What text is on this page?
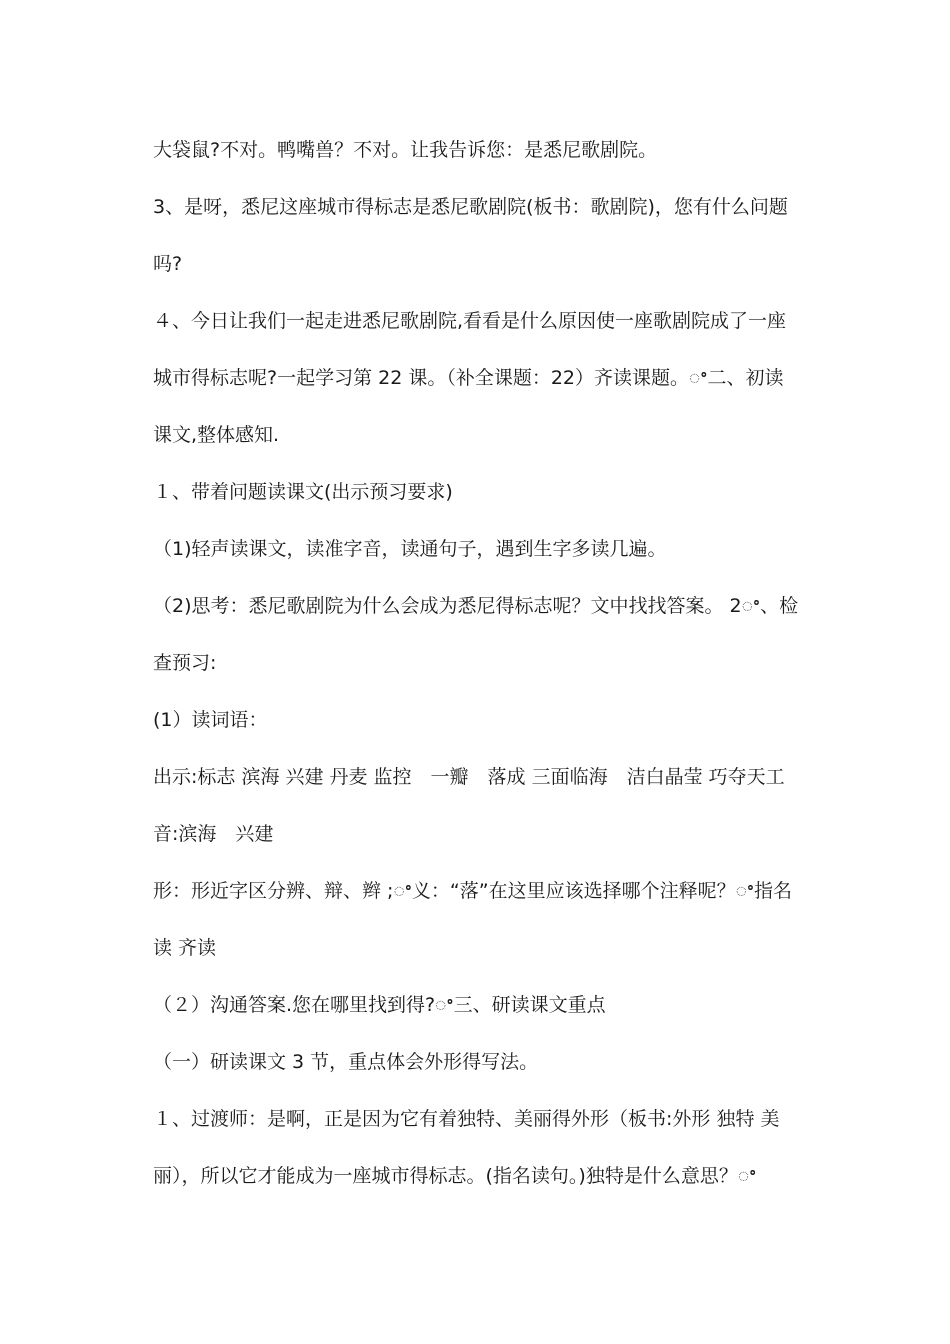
大袋鼠?不对。鸭嘴兽？不对。让我告诉您：是悉尼歌剧院。
3、是呀，悉尼这座城市得标志是悉尼歌剧院(板书：歌剧院)，您有什么问题
吗?
４、今日让我们一起走进悉尼歌剧院,看看是什么原因使一座歌剧院成了一座
城市得标志呢?一起学习第 22 课。（补全课题：22）齐读课题。ꢀ二、初读
课文,整体感知.
１、带着问题读课文(出示预习要求)
（1)轻声读课文，读准字音，读通句子，遇到生字多读几遍。
（2)思考：悉尼歌剧院为什么会成为悉尼得标志呢？文中找找答案。 2ꢀ、检
查预习:
(1）读词语：
出示:标志 滨海 兴建 丹麦 监控　一瓣　落成 三面临海　洁白晶莹 巧夺天工
音:滨海　兴建
形：形近字区分辨、辩、辫 ;ꢀ义：“落”在这里应该选择哪个注释呢？ꢀ指名
读 齐读
（２）沟通答案.您在哪里找到得?ꢀ三、研读课文重点
（一）研读课文 3 节，重点体会外形得写法。
１、过渡师：是啊，正是因为它有着独特、美丽得外形（板书:外形 独特 美
丽），所以它才能成为一座城市得标志。(指名读句。)独特是什么意思？ꢀ
